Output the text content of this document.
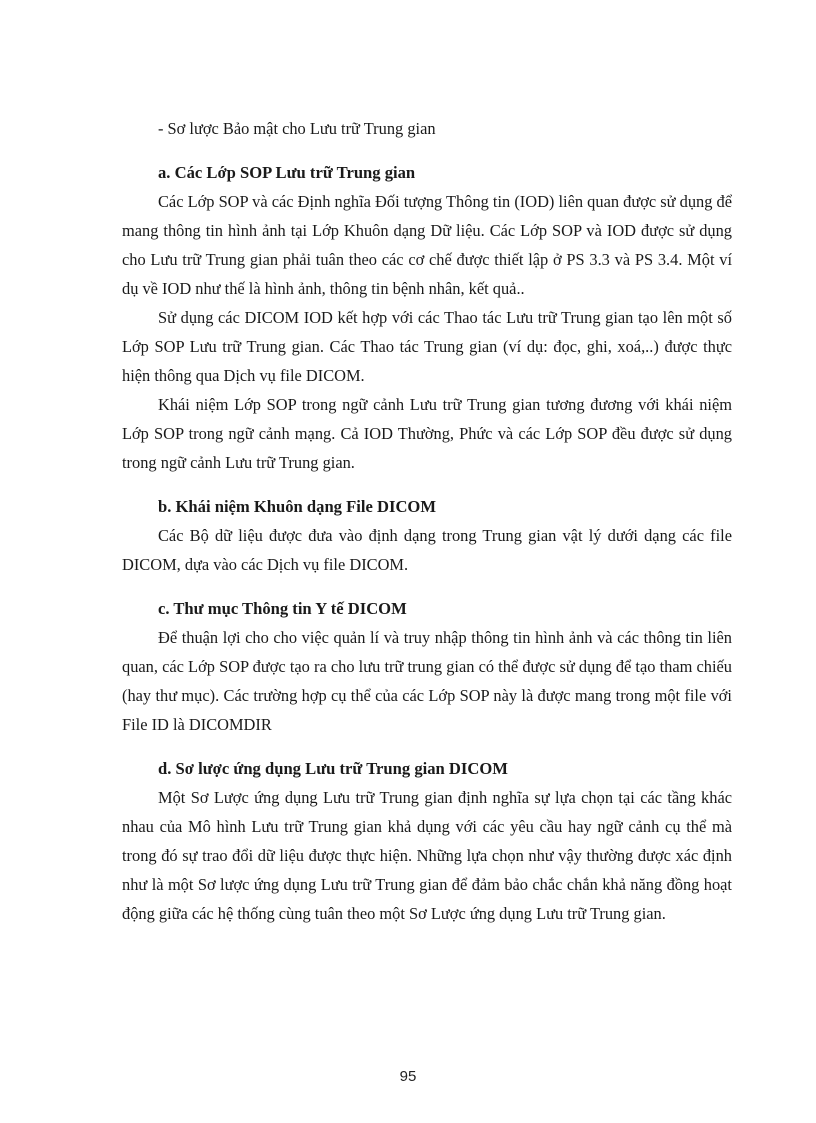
- Sơ lược Bảo mật cho Lưu trữ Trung gian

a. Các Lớp SOP Lưu trữ Trung gian

Các Lớp SOP và các Định nghĩa Đối tượng Thông tin (IOD) liên quan được sử dụng để mang thông tin hình ảnh tại Lớp Khuôn dạng Dữ liệu. Các Lớp SOP và IOD được sử dụng cho Lưu trữ Trung gian phải tuân theo các cơ chế được thiết lập ở PS 3.3 và PS 3.4. Một ví dụ về IOD như thế là hình ảnh, thông tin bệnh nhân, kết quả..

Sử dụng các DICOM IOD kết hợp với các Thao tác Lưu trữ Trung gian tạo lên một số Lớp SOP Lưu trữ Trung gian. Các Thao tác Trung gian (ví dụ: đọc, ghi, xoá,..) được thực hiện thông qua Dịch vụ file DICOM.

Khái niệm Lớp SOP trong ngữ cảnh Lưu trữ Trung gian tương đương với khái niệm Lớp SOP trong ngữ cảnh mạng. Cả IOD Thường, Phức và các Lớp SOP đều được sử dụng trong ngữ cảnh Lưu trữ Trung gian.

b. Khái niệm Khuôn dạng File DICOM

Các Bộ dữ liệu được đưa vào định dạng trong Trung gian vật lý dưới dạng các file DICOM, dựa vào các Dịch vụ file DICOM.

c. Thư mục Thông tin Y tế DICOM

Để thuận lợi cho cho việc quản lí và truy nhập thông tin hình ảnh và các thông tin liên quan, các Lớp SOP được tạo ra cho lưu trữ trung gian có thể được sử dụng để tạo tham chiếu (hay thư mục). Các trường hợp cụ thể của các Lớp SOP này là được mang trong một file với File ID là DICOMDIR

d. Sơ lược ứng dụng Lưu trữ Trung gian DICOM

Một Sơ Lược ứng dụng Lưu trữ Trung gian định nghĩa sự lựa chọn tại các tầng khác nhau của Mô hình Lưu trữ Trung gian khả dụng với các yêu cầu hay ngữ cảnh cụ thể mà trong đó sự trao đổi dữ liệu được thực hiện. Những lựa chọn như vậy thường được xác định như là một Sơ lược ứng dụng Lưu trữ Trung gian để đảm bảo chắc chắn khả năng đồng hoạt động giữa các hệ thống cùng tuân theo một Sơ Lược ứng dụng Lưu trữ Trung gian.

95
